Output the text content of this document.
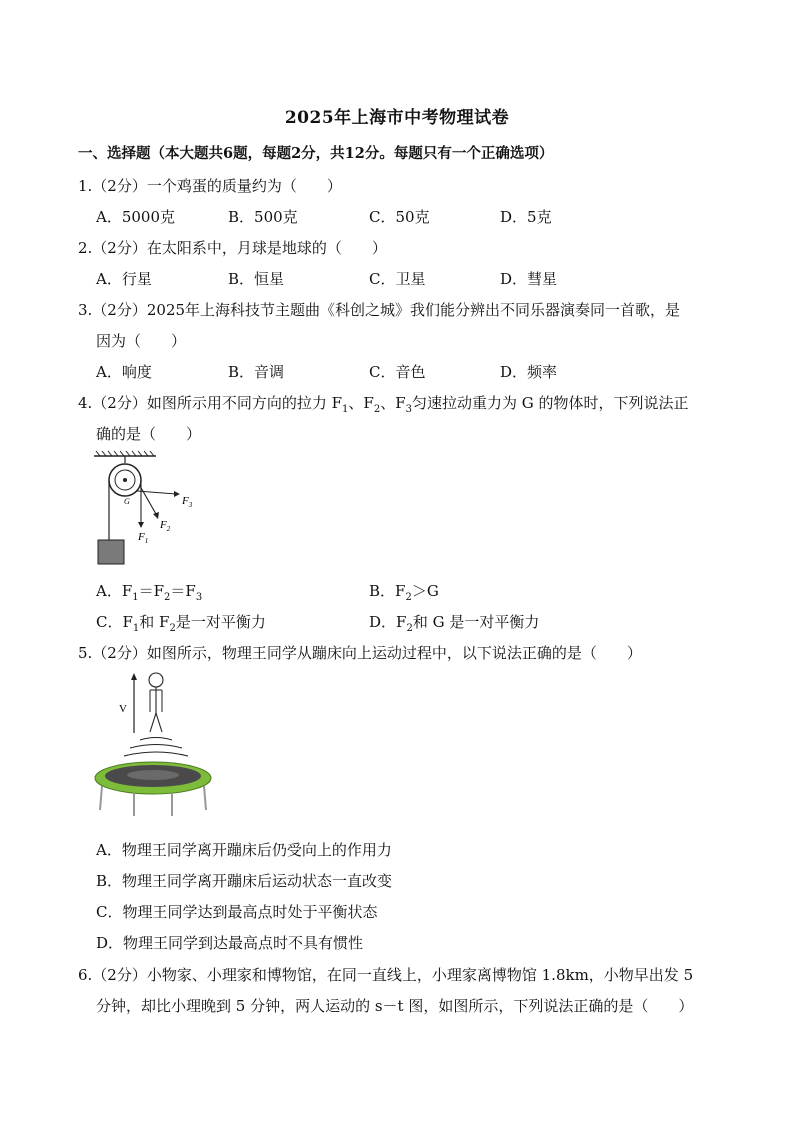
2025年上海市中考物理试卷
一、选择题（本大题共6题，每题2分，共12分。每题只有一个正确选项）
1.（2分）一个鸡蛋的质量约为（　　）
A．5000克	B．500克	C．50克	D．5克
2.（2分）在太阳系中，月球是地球的（　　）
A．行星	B．恒星	C．卫星	D．彗星
3.（2分）2025年上海科技节主题曲《科创之城》我们能分辨出不同乐器演奏同一首歌，是
因为（　　）
A．响度	B．音调	C．音色	D．频率
4.（2分）如图所示用不同方向的拉力 $F_1$、$F_2$、$F_3$匀速拉动重力为 G 的物体时，下列说法正
确的是（　　）
G
$F_1$
$F_2$
$F_3$
A．$F_1=F_2=F_3$	B．$F_2>G$
C．$F_1$和 $F_2$是一对平衡力	D．$F_2$和 G 是一对平衡力
5.（2分）如图所示，物理王同学从蹦床向上运动过程中，以下说法正确的是（　　）
V
A．物理王同学离开蹦床后仍受向上的作用力
B．物理王同学离开蹦床后运动状态一直改变
C．物理王同学达到最高点时处于平衡状态
D．物理王同学到达最高点时不具有惯性
6.（2分）小物家、小理家和博物馆，在同一直线上，小理家离博物馆 1.8km，小物早出发 5
分钟，却比小理晚到 5 分钟，两人运动的 s－t 图，如图所示，下列说法正确的是（　　）
